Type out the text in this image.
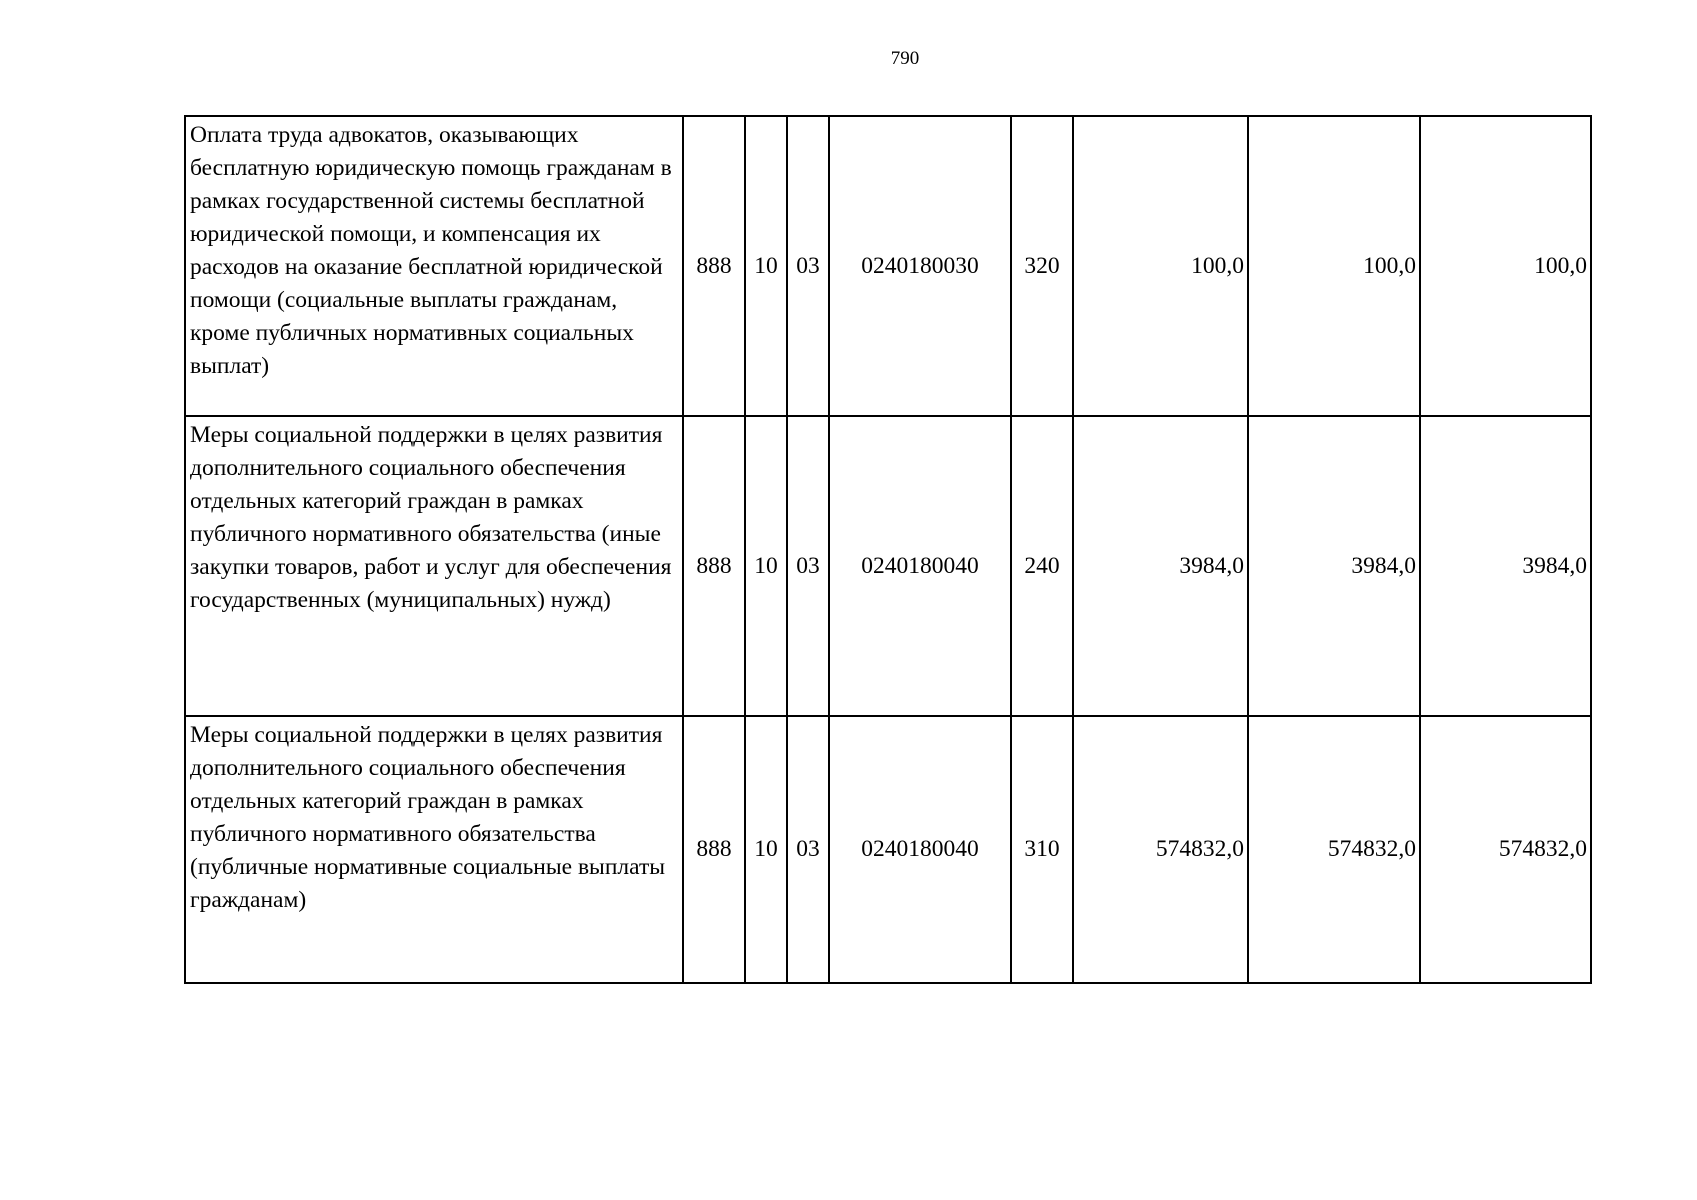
790
Оплата труда адвокатов, оказывающих бесплатную юридическую помощь гражданам в рамках государственной системы бесплатной юридической помощи, и компенсация их расходов на оказание бесплатной юридической помощи (социальные выплаты гражданам, кроме публичных нормативных социальных выплат)	888	10	03	0240180030	320	100,0	100,0	100,0
Меры социальной поддержки в целях развития дополнительного социального обеспечения отдельных категорий граждан в рамках публичного нормативного обязательства (иные закупки товаров, работ и услуг для обеспечения государственных (муниципальных) нужд)	888	10	03	0240180040	240	3984,0	3984,0	3984,0
Меры социальной поддержки в целях развития дополнительного социального обеспечения отдельных категорий граждан в рамках публичного нормативного обязательства (публичные нормативные социальные выплаты гражданам)	888	10	03	0240180040	310	574832,0	574832,0	574832,0
